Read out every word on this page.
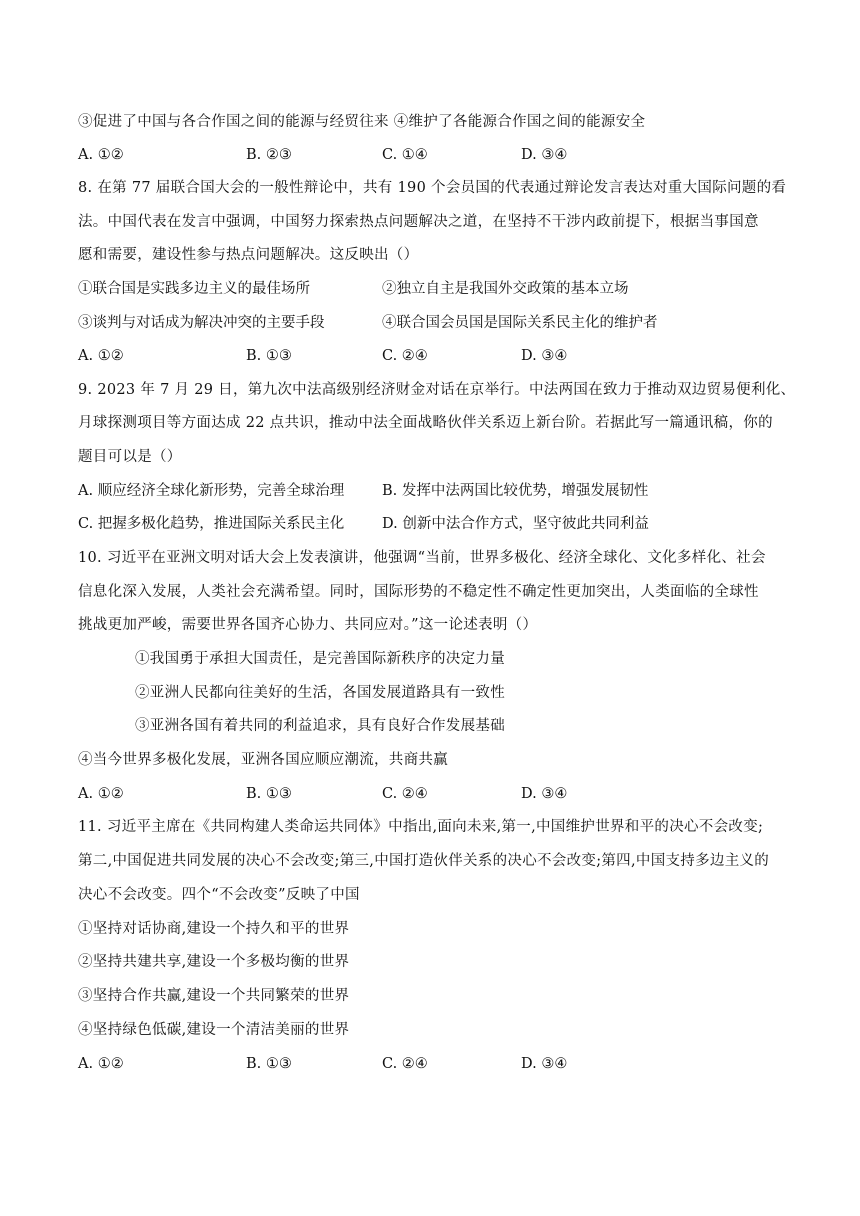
③促进了中国与各合作国之间的能源与经贸往来 ④维护了各能源合作国之间的能源安全
A. ①②	B. ②③	C. ①④	D. ③④
8. 在第 77 届联合国大会的一般性辩论中，共有 190 个会员国的代表通过辩论发言表达对重大国际问题的看
法。中国代表在发言中强调，中国努力探索热点问题解决之道，在坚持不干涉内政前提下，根据当事国意
愿和需要，建设性参与热点问题解决。这反映出（）
①联合国是实践多边主义的最佳场所	②独立自主是我国外交政策的基本立场
③谈判与对话成为解决冲突的主要手段	④联合国会员国是国际关系民主化的维护者
A. ①②	B. ①③	C. ②④	D. ③④
9. 2023 年 7 月 29 日，第九次中法高级别经济财金对话在京举行。中法两国在致力于推动双边贸易便利化、
月球探测项目等方面达成 22 点共识，推动中法全面战略伙伴关系迈上新台阶。若据此写一篇通讯稿，你的
题目可以是（）
A. 顺应经济全球化新形势，完善全球治理	B. 发挥中法两国比较优势，增强发展韧性
C. 把握多极化趋势，推进国际关系民主化	D. 创新中法合作方式，坚守彼此共同利益
10. 习近平在亚洲文明对话大会上发表演讲，他强调“当前，世界多极化、经济全球化、文化多样化、社会
信息化深入发展，人类社会充满希望。同时，国际形势的不稳定性不确定性更加突出，人类面临的全球性
挑战更加严峻，需要世界各国齐心协力、共同应对。”这一论述表明（）
①我国勇于承担大国责任，是完善国际新秩序的决定力量
②亚洲人民都向往美好的生活，各国发展道路具有一致性
③亚洲各国有着共同的利益追求，具有良好合作发展基础
④当今世界多极化发展，亚洲各国应顺应潮流，共商共赢
A. ①②	B. ①③	C. ②④	D. ③④
11. 习近平主席在《共同构建人类命运共同体》中指出,面向未来,第一,中国维护世界和平的决心不会改变;
第二,中国促进共同发展的决心不会改变;第三,中国打造伙伴关系的决心不会改变;第四,中国支持多边主义的
决心不会改变。四个“不会改变”反映了中国
①坚持对话协商,建设一个持久和平的世界
②坚持共建共享,建设一个多极均衡的世界
③坚持合作共赢,建设一个共同繁荣的世界
④坚持绿色低碳,建设一个清洁美丽的世界
A. ①②	B. ①③	C. ②④	D. ③④
